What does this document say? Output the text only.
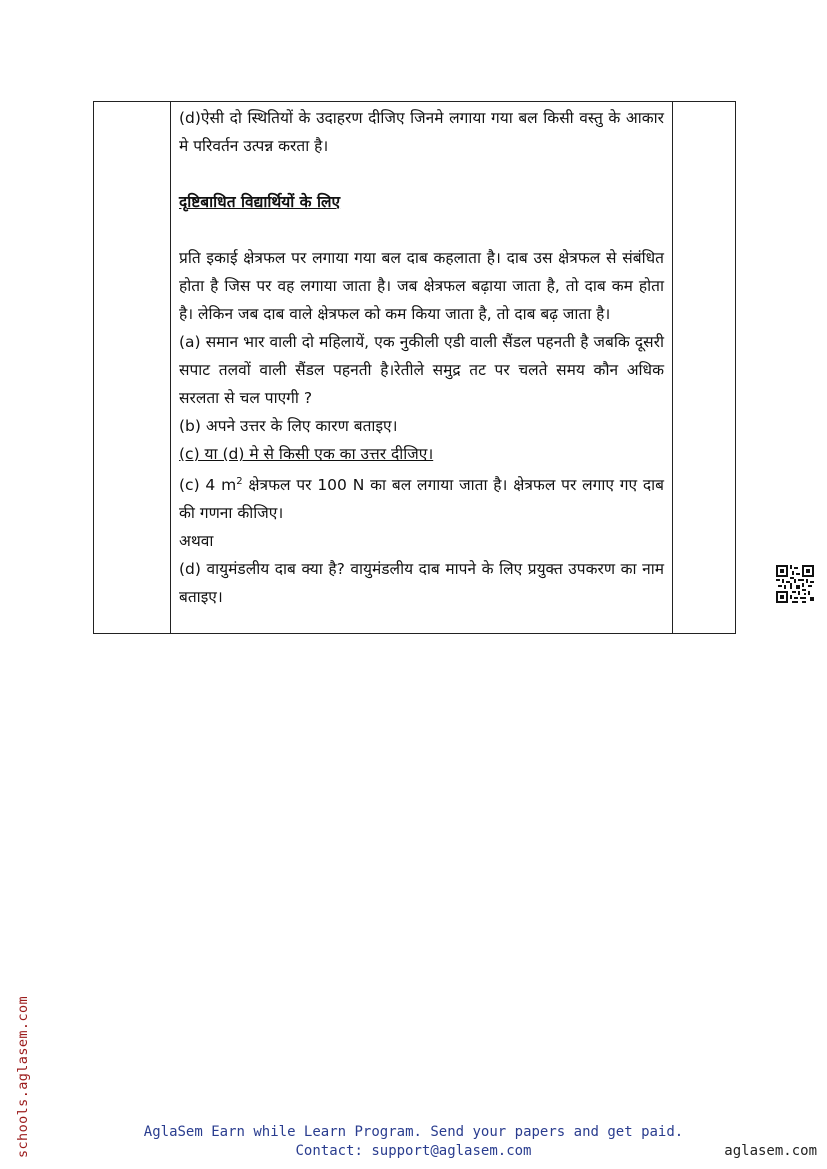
(d)ऐसी दो स्थितियों के उदाहरण दीजिए जिनमे लगाया गया बल किसी वस्तु के आकार मे परिवर्तन उत्पन्न करता है।

दृष्टिबाधित विद्यार्थियों के लिए

प्रति इकाई क्षेत्रफल पर लगाया गया बल दाब कहलाता है। दाब उस क्षेत्रफल से संबंधित होता है जिस पर वह लगाया जाता है। जब क्षेत्रफल बढ़ाया जाता है, तो दाब कम होता है। लेकिन जब दाब वाले क्षेत्रफल को कम किया जाता है, तो दाब बढ़ जाता है।

(a) समान भार वाली दो महिलायें, एक नुकीली एडी वाली सैंडल पहनती है जबकि दूसरी सपाट तलवों वाली सैंडल पहनती है।रेतीले समुद्र तट पर चलते समय कौन अधिक सरलता से चल पाएगी ?

(b) अपने उत्तर के लिए कारण बताइए।

(c) या (d) मे से किसी एक का उत्तर दीजिए।

(c) 4 $m^2$ क्षेत्रफल पर 100 N का बल लगाया जाता है। क्षेत्रफल पर लगाए गए दाब की गणना कीजिए।

अथवा

(d) वायुमंडलीय दाब क्या है? वायुमंडलीय दाब मापने के लिए प्रयुक्त उपकरण का नाम बताइए।

schools.aglasem.com	AglaSem Earn while Learn Program. Send your papers and get paid.
Contact: support@aglasem.com	aglasem.com
